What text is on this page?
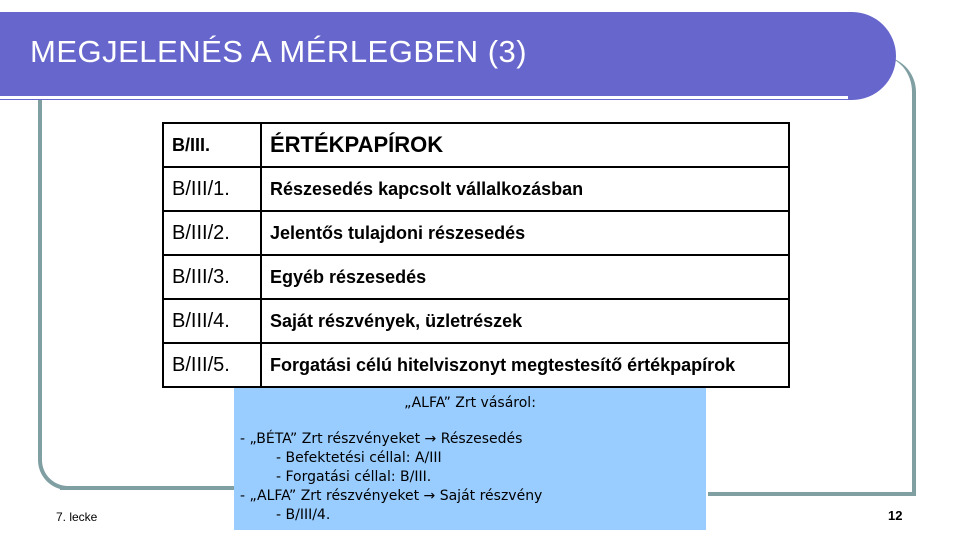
MEGJELENÉS A MÉRLEGBEN (3)
B/III.	ÉRTÉKPAPÍROK
B/III/1.	Részesedés kapcsolt vállalkozásban
B/III/2.	Jelentős tulajdoni részesedés
B/III/3.	Egyéb részesedés
B/III/4.	Saját részvények, üzletrészek
B/III/5.	Forgatási célú hitelviszonyt megtestesítő értékpapírok
„ALFA” Zrt vásárol:
- „BÉTA” Zrt részvényeket → Részesedés
- Befektetési céllal: A/III
- Forgatási céllal: B/III.
- „ALFA” Zrt részvényeket → Saját részvény
- B/III/4.
7. lecke	12
